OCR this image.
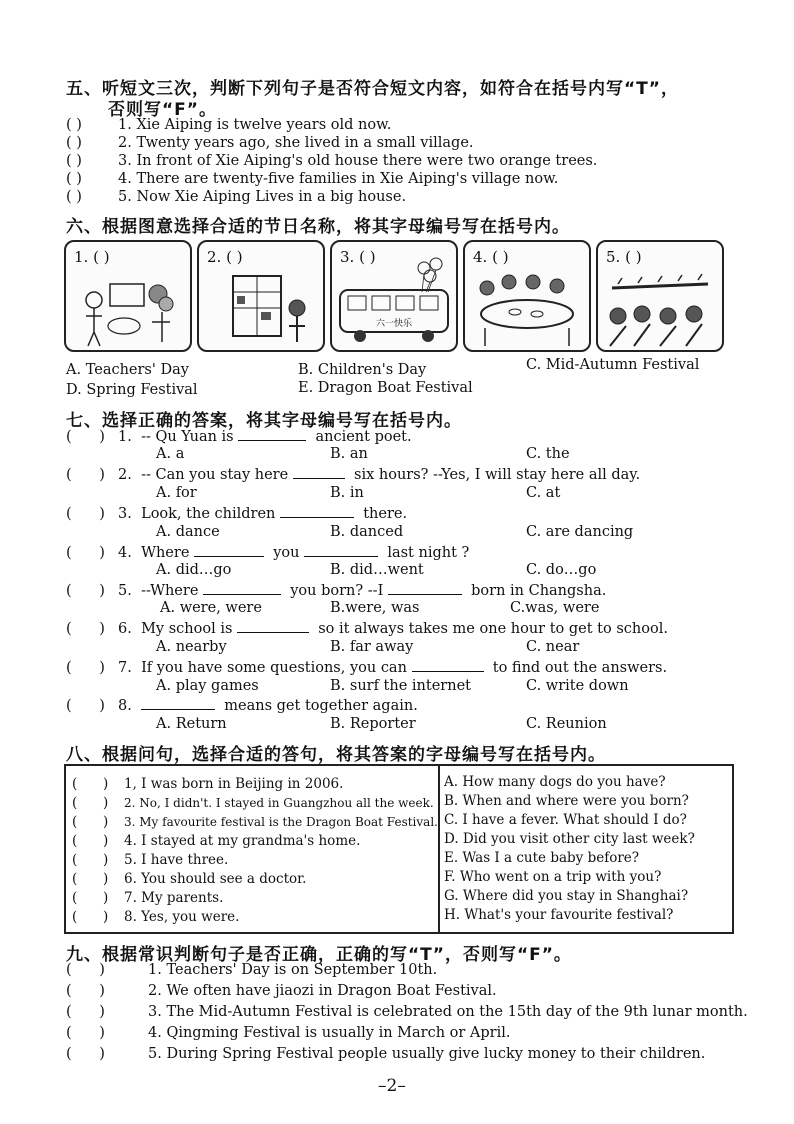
五、听短文三次，判断下列句子是否符合短文内容，如符合在括号内写“T”，
否则写“F”。
( ) 1. Xie Aiping is twelve years old now.
( ) 2. Twenty years ago, she lived in a small village.
( ) 3. In front of Xie Aiping's old house there were two orange trees.
( ) 4. There are twenty-five families in Xie Aiping's village now.
( ) 5. Now Xie Aiping Lives in a big house.
六、根据图意选择合适的节日名称，将其字母编号写在括号内。
1. ( )	2. ( )	3. ( )
六一快乐
4. ( )	5. ( )
A. Teachers' Day	B. Children's Day	C. Mid-Autumn Festival
D. Spring Festival	E. Dragon Boat Festival
七、选择正确的答案，将其字母编号写在括号内。
(      ) 1. -- Qu Yuan is	ancient poet.
A. a	B. an	C. the
(      ) 2. -- Can you stay here	six hours? --Yes, I will stay here all day.
A. for	B. in	C. at
(      ) 3. Look, the children	there.
A. dance	B. danced	C. are dancing
(      ) 4. Where	you	last night ?
A. did…go	B. did…went	C. do…go
(      ) 5. --Where	you born? --I	born in Changsha.
A. were, were	B.were, was	C.was, were
(      ) 6. My school is	so it always takes me one hour to get to school.
A. nearby	B. far away	C. near
(      ) 7. If you have some questions, you can	to find out the answers.
A. play games	B. surf the internet	C. write down
(      ) 8.	means get together again.
A. Return	B. Reporter	C. Reunion
八、根据问句，选择合适的答句，将其答案的字母编号写在括号内。
(      ) 1, I was born in Beijing in 2006.
(      ) 2. No, I didn't. I stayed in Guangzhou all the week.
(      ) 3. My favourite festival is the Dragon Boat Festival.
(      ) 4. I stayed at my grandma's home.
(      ) 5. I have three.
(      ) 6. You should see a doctor.
(      ) 7. My parents.
(      ) 8. Yes, you were.
A. How many dogs do you have?
B. When and where were you born?
C. I have a fever. What should I do?
D. Did you visit other city last week?
E. Was I a cute baby before?
F. Who went on a trip with you?
G. Where did you stay in Shanghai?
H. What's your favourite festival?
九、根据常识判断句子是否正确，正确的写“T”，否则写“F”。
(      )	1. Teachers' Day is on September 10th.
(      )	2. We often have jiaozi in Dragon Boat Festival.
(      )	3. The Mid-Autumn Festival is celebrated on the 15th day of the 9th lunar month.
(      )	4. Qingming Festival is usually in March or April.
(      )	5. During Spring Festival people usually give lucky money to their children.
–2–
